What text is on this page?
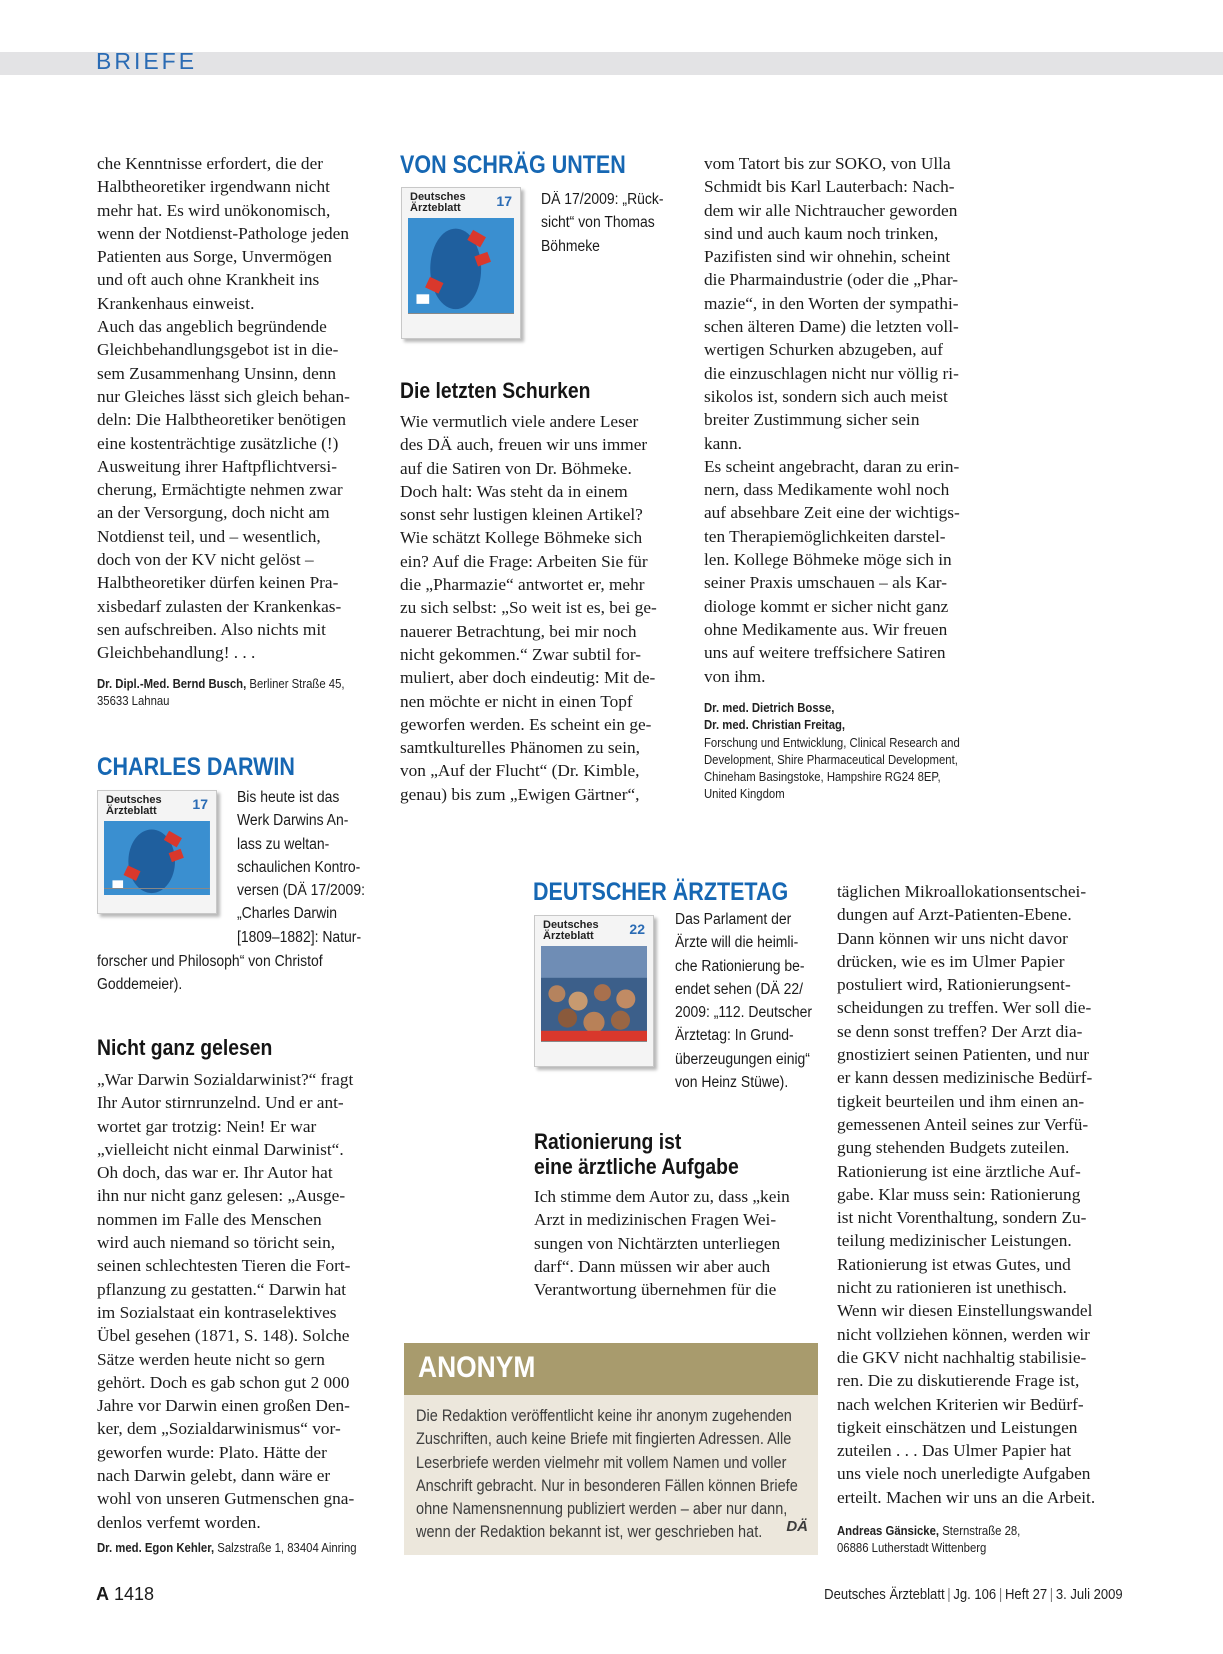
BRIEFE

che Kenntnisse erfordert, die der
Halbtheoretiker irgendwann nicht
mehr hat. Es wird unökonomisch,
wenn der Notdienst-Pathologe jeden
Patienten aus Sorge, Unvermögen
und oft auch ohne Krankheit ins
Krankenhaus einweist.
Auch das angeblich begründende
Gleichbehandlungsgebot ist in die-
sem Zusammenhang Unsinn, denn
nur Gleiches lässt sich gleich behan-
deln: Die Halbtheoretiker benötigen
eine kostenträchtige zusätzliche (!)
Ausweitung ihrer Haftpflichtversi-
cherung, Ermächtigte nehmen zwar
an der Versorgung, doch nicht am
Notdienst teil, und – wesentlich,
doch von der KV nicht gelöst –
Halbtheoretiker dürfen keinen Pra-
xisbedarf zulasten der Krankenkas-
sen aufschreiben. Also nichts mit
Gleichbehandlung! . . .

Dr. Dipl.-Med. Bernd Busch, Berliner Straße 45,
35633 Lahnau
CHARLES DARWIN
Deutsches
Ärzteblatt	17 Bis heute ist das
Werk Darwins An-
lass zu weltan-
schaulichen Kontro-
versen (DÄ 17/2009:
„Charles Darwin
[1809–1882]: Natur-

forscher und Philosoph“ von Christof
Goddemeier).

Nicht ganz gelesen

„War Darwin Sozialdarwinist?“ fragt
Ihr Autor stirnrunzelnd. Und er ant-
wortet gar trotzig: Nein! Er war
„vielleicht nicht einmal Darwinist“.
Oh doch, das war er. Ihr Autor hat
ihn nur nicht ganz gelesen: „Ausge-
nommen im Falle des Menschen
wird auch niemand so töricht sein,
seinen schlechtesten Tieren die Fort-
pflanzung zu gestatten.“ Darwin hat
im Sozialstaat ein kontraselektives
Übel gesehen (1871, S. 148). Solche
Sätze werden heute nicht so gern
gehört. Doch es gab schon gut 2 000
Jahre vor Darwin einen großen Den-
ker, dem „Sozialdarwinismus“ vor-
geworfen wurde: Plato. Hätte der
nach Darwin gelebt, dann wäre er
wohl von unseren Gutmenschen gna-
denlos verfemt worden.

Dr. med. Egon Kehler, Salzstraße 1, 83404 Ainring
VON SCHRÄG UNTEN
Deutsches
Ärzteblatt	17 DÄ 17/2009: „Rück-
sicht“ von Thomas
Böhmeke

Die letzten Schurken

Wie vermutlich viele andere Leser
des DÄ auch, freuen wir uns immer
auf die Satiren von Dr. Böhmeke.
Doch halt: Was steht da in einem
sonst sehr lustigen kleinen Artikel?
Wie schätzt Kollege Böhmeke sich
ein? Auf die Frage: Arbeiten Sie für
die „Pharmazie“ antwortet er, mehr
zu sich selbst: „So weit ist es, bei ge-
nauerer Betrachtung, bei mir noch
nicht gekommen.“ Zwar subtil for-
muliert, aber doch eindeutig: Mit de-
nen möchte er nicht in einen Topf
geworfen werden. Es scheint ein ge-
samtkulturelles Phänomen zu sein,
von „Auf der Flucht“ (Dr. Kimble,
genau) bis zum „Ewigen Gärtner“,

vom Tatort bis zur SOKO, von Ulla
Schmidt bis Karl Lauterbach: Nach-
dem wir alle Nichtraucher geworden
sind und auch kaum noch trinken,
Pazifisten sind wir ohnehin, scheint
die Pharmaindustrie (oder die „Phar-
mazie“, in den Worten der sympathi-
schen älteren Dame) die letzten voll-
wertigen Schurken abzugeben, auf
die einzuschlagen nicht nur völlig ri-
sikolos ist, sondern sich auch meist
breiter Zustimmung sicher sein
kann.
Es scheint angebracht, daran zu erin-
nern, dass Medikamente wohl noch
auf absehbare Zeit eine der wichtigs-
ten Therapiemöglichkeiten darstel-
len. Kollege Böhmeke möge sich in
seiner Praxis umschauen – als Kar-
diologe kommt er sicher nicht ganz
ohne Medikamente aus. Wir freuen
uns auf weitere treffsichere Satiren
von ihm.

Dr. med. Dietrich Bosse,
Dr. med. Christian Freitag,
Forschung und Entwicklung, Clinical Research and
Development, Shire Pharmaceutical Development,
Chineham Basingstoke, Hampshire RG24 8EP,
United Kingdom
DEUTSCHER ÄRZTETAG
Deutsches
Ärzteblatt	22

Das Parlament der
Ärzte will die heimli-
che Rationierung be-
endet sehen (DÄ 22/
2009: „112. Deutscher
Ärztetag: In Grund-
überzeugungen einig“
von Heinz Stüwe).

Rationierung ist
eine ärztliche Aufgabe

Ich stimme dem Autor zu, dass „kein
Arzt in medizinischen Fragen Wei-
sungen von Nichtärzten unterliegen
darf“. Dann müssen wir aber auch
Verantwortung übernehmen für die

täglichen Mikroallokationsentschei-
dungen auf Arzt-Patienten-Ebene.
Dann können wir uns nicht davor
drücken, wie es im Ulmer Papier
postuliert wird, Rationierungsent-
scheidungen zu treffen. Wer soll die-
se denn sonst treffen? Der Arzt dia-
gnostiziert seinen Patienten, und nur
er kann dessen medizinische Bedürf-
tigkeit beurteilen und ihm einen an-
gemessenen Anteil seines zur Verfü-
gung stehenden Budgets zuteilen.
Rationierung ist eine ärztliche Auf-
gabe. Klar muss sein: Rationierung
ist nicht Vorenthaltung, sondern Zu-
teilung medizinischer Leistungen.
Rationierung ist etwas Gutes, und
nicht zu rationieren ist unethisch.
Wenn wir diesen Einstellungswandel
nicht vollziehen können, werden wir
die GKV nicht nachhaltig stabilisie-
ren. Die zu diskutierende Frage ist,
nach welchen Kriterien wir Bedürf-
tigkeit einschätzen und Leistungen
zuteilen . . . Das Ulmer Papier hat
uns viele noch unerledigte Aufgaben
erteilt. Machen wir uns an die Arbeit.

Andreas Gänsicke, Sternstraße 28,
06886 Lutherstadt Wittenberg
ANONYM

Die Redaktion veröffentlicht keine ihr anonym zugehenden
Zuschriften, auch keine Briefe mit fingierten Adressen. Alle
Leserbriefe werden vielmehr mit vollem Namen und voller
Anschrift gebracht. Nur in besonderen Fällen können Briefe
ohne Namensnennung publiziert werden – aber nur dann,
wenn der Redaktion bekannt ist, wer geschrieben hat.	DÄ
A 1418	Deutsches Ärzteblatt | Jg. 106 | Heft 27 | 3. Juli 2009
